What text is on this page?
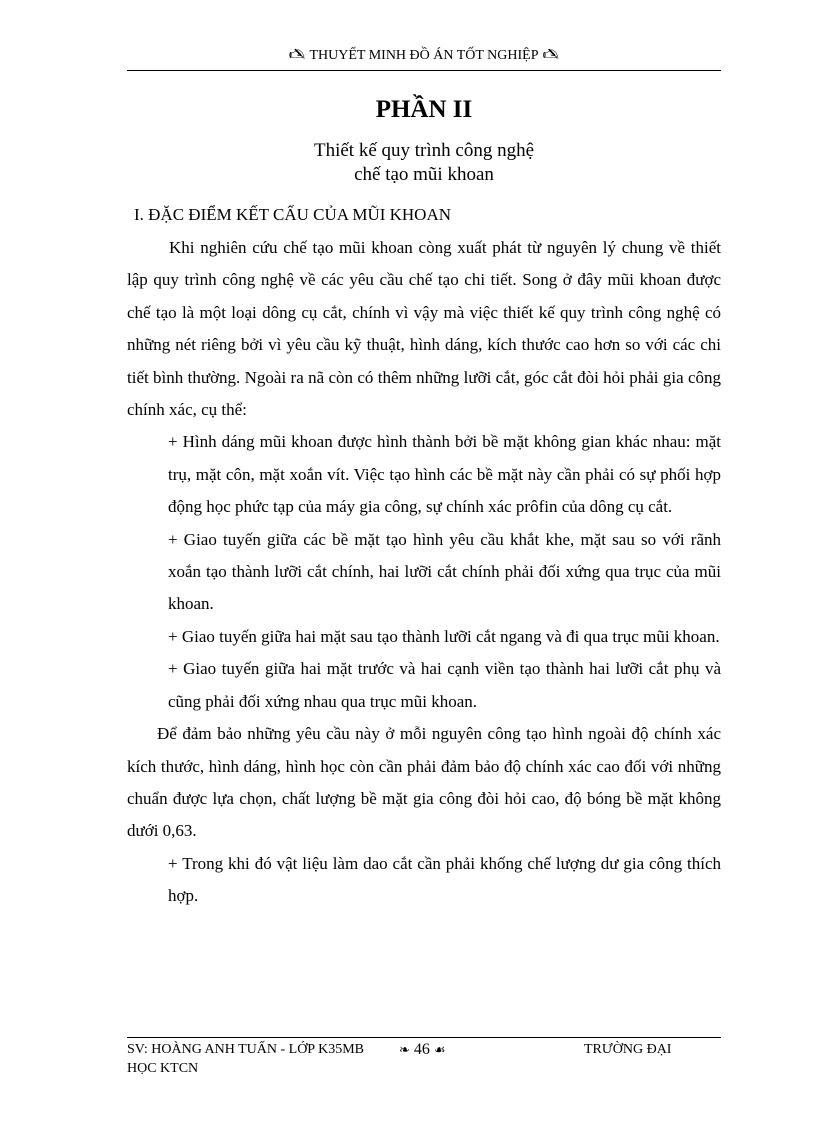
🖎 THUYẾT MINH ĐỒ ÁN TỐT NGHIỆP 🖎
PHẦN II
Thiết kế quy trình công nghệ
chế tạo mũi khoan
I. ĐẶC ĐIỂM KẾT CẤU CỦA MŨI KHOAN

Khi nghiên cứu chế tạo mũi khoan còng xuất phát từ nguyên lý chung về thiết lập quy trình công nghệ về các yêu cầu chế tạo chi tiết. Song ở đây mũi khoan được chế tạo là một loại dông cụ cắt, chính vì vậy mà việc thiết kế quy trình công nghệ có những nét riêng bởi vì yêu cầu kỹ thuật, hình dáng, kích thước cao hơn so với các chi tiết bình thường. Ngoài ra nã còn có thêm những lưỡi cắt, góc cắt đòi hỏi phải gia công chính xác, cụ thể:

+ Hình dáng mũi khoan được hình thành bởi bề mặt không gian khác nhau: mặt trụ, mặt côn, mặt xoắn vít. Việc tạo hình các bề mặt này cần phải có sự phối hợp động học phức tạp của máy gia công, sự chính xác prôfin của dông cụ cắt.

+ Giao tuyến giữa các bề mặt tạo hình yêu cầu khắt khe, mặt sau so với rãnh xoắn tạo thành lưỡi cắt chính, hai lưỡi cắt chính phải đối xứng qua trục của mũi khoan.

+ Giao tuyến giữa hai mặt sau tạo thành lưỡi cắt ngang và đi qua trục mũi khoan.

+ Giao tuyến giữa hai mặt trước và hai cạnh viền tạo thành hai lưỡi cắt phụ và cũng phải đối xứng nhau qua trục mũi khoan.

Để đảm bảo những yêu cầu này ở mỗi nguyên công tạo hình ngoài độ chính xác kích thước, hình dáng, hình học còn cần phải đảm bảo độ chính xác cao đối với những chuẩn được lựa chọn, chất lượng bề mặt gia công đòi hỏi cao, độ bóng bề mặt không dưới 0,63.

+ Trong khi đó vật liệu làm dao cắt cần phải khống chế lượng dư gia công thích hợp.

SV: HOÀNG ANH TUẤN - LỚP K35MB	❧ 46 ☙	TRƯỜNG ĐẠI
HỌC KTCN
